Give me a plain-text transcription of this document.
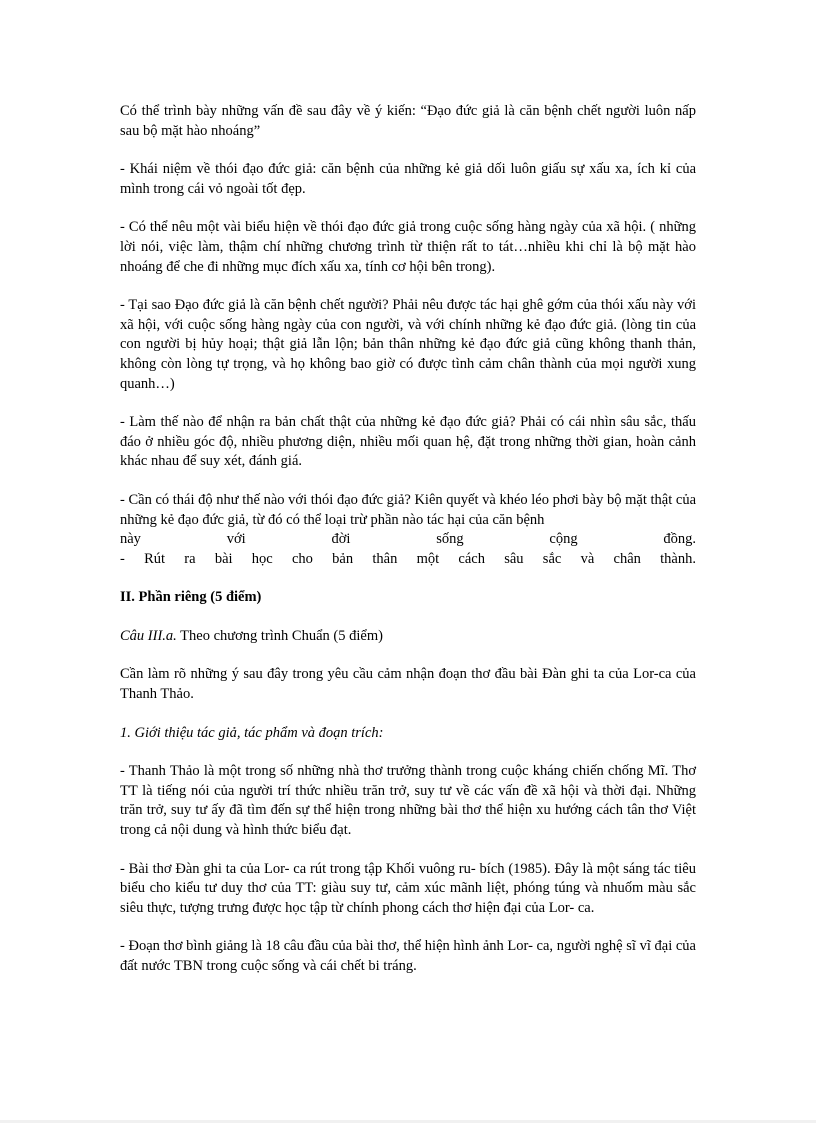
Có thể trình bày những vấn đề sau đây về ý kiến: “Đạo đức giả là căn bệnh chết người luôn nấp sau bộ mặt hào nhoáng”

- Khái niệm về thói đạo đức giả: căn bệnh của những kẻ giả dối luôn giấu sự xấu xa, ích kỉ của mình trong cái vỏ ngoài tốt đẹp.

- Có thể nêu một vài biểu hiện về thói đạo đức giả trong cuộc sống hàng ngày của xã hội. ( những lời nói, việc làm, thậm chí những chương trình từ thiện rất to tát…nhiều khi chỉ là bộ mặt hào nhoáng để che đi những mục đích xấu xa, tính cơ hội bên trong).

- Tại sao Đạo đức giả là căn bệnh chết người? Phải nêu được tác hại ghê gớm của thói xấu này với xã hội, với cuộc sống hàng ngày của con người, và với chính những kẻ đạo đức giả. (lòng tin của con người bị hủy hoại; thật giả lẫn lộn; bản thân những kẻ đạo đức giả cũng không thanh thản, không còn lòng tự trọng, và họ không bao giờ có được tình cảm chân thành của mọi người xung quanh…)

- Làm thế nào để nhận ra bản chất thật của những kẻ đạo đức giả? Phải có cái nhìn sâu sắc, thấu đáo ở nhiều góc độ, nhiều phương diện, nhiều mối quan hệ, đặt trong những thời gian, hoàn cảnh khác nhau để suy xét, đánh giá.

- Cần có thái độ như thế nào với thói đạo đức giả? Kiên quyết và khéo léo phơi bày bộ mặt thật của những kẻ đạo đức giả, từ đó có thể loại trừ phần nào tác hại của căn bệnh

này với đời sống cộng đồng.

- Rút ra bài học cho bản thân một cách sâu sắc và chân thành.

II. Phần riêng (5 điểm)

Câu III.a. Theo chương trình Chuẩn (5 điểm)

Cần làm rõ những ý sau đây trong yêu cầu cảm nhận đoạn thơ đầu bài Đàn ghi ta của Lor-ca của Thanh Thảo.

1. Giới thiệu tác giả, tác phẩm và đoạn trích:

- Thanh Thảo là một trong số những nhà thơ trưởng thành trong cuộc kháng chiến chống Mĩ. Thơ TT là tiếng nói của người trí thức nhiều trăn trở, suy tư về các vấn đề xã hội và thời đại. Những trăn trở, suy tư ấy đã tìm đến sự thể hiện trong những bài thơ thể hiện xu hướng cách tân thơ Việt trong cả nội dung và hình thức biểu đạt.

- Bài thơ Đàn ghi ta của Lor- ca rút trong tập Khối vuông ru- bích (1985). Đây là một sáng tác tiêu biểu cho kiểu tư duy thơ của TT: giàu suy tư, cảm xúc mãnh liệt, phóng túng và nhuốm màu sắc siêu thực, tượng trưng được học tập từ chính phong cách thơ hiện đại của Lor- ca.

- Đoạn thơ bình giảng là 18 câu đầu của bài thơ, thể hiện hình ảnh Lor- ca, người nghệ sĩ vĩ đại của đất nước TBN trong cuộc sống và cái chết bi tráng.
